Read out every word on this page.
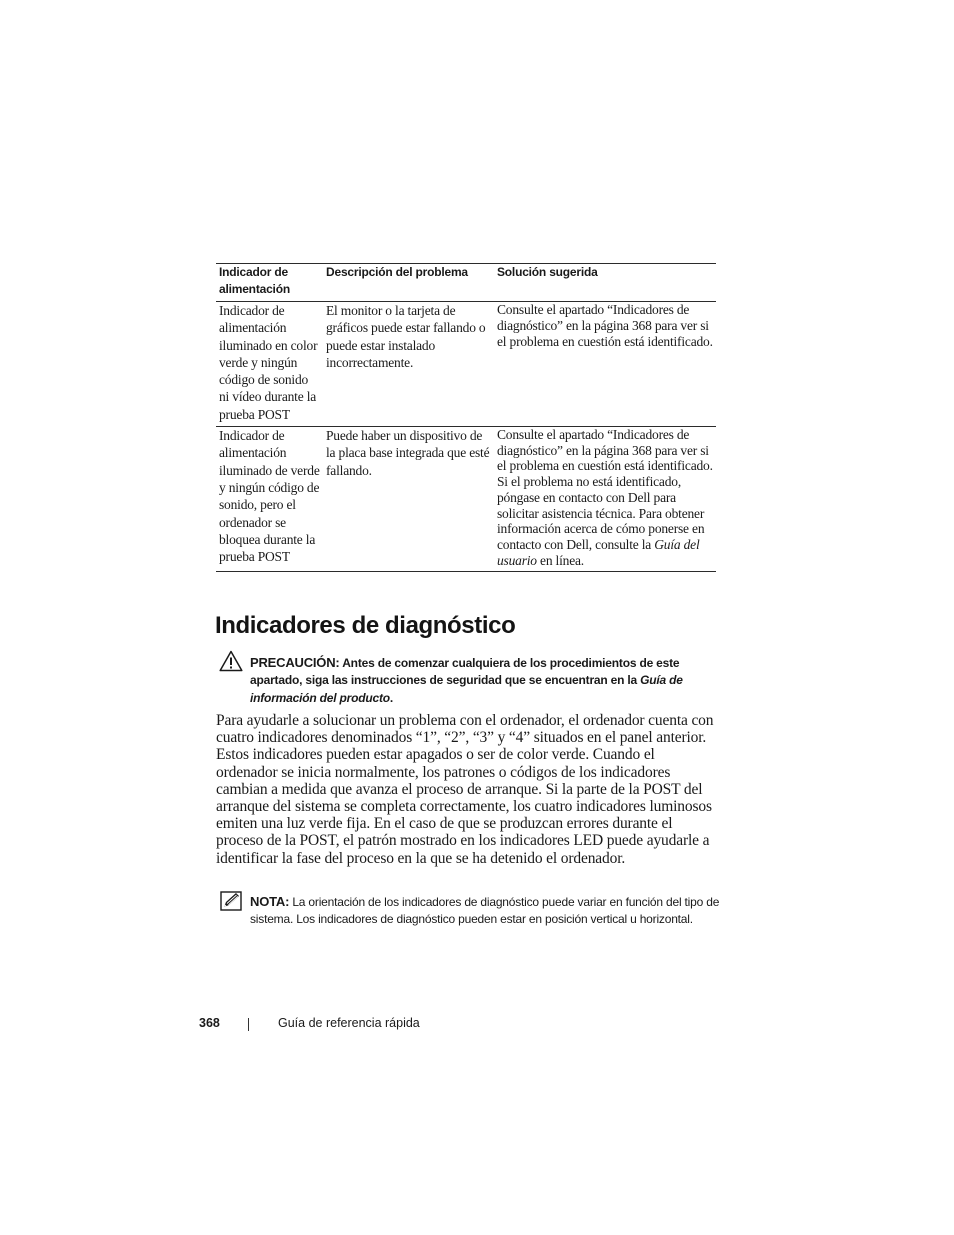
Indicador de alimentación
Descripción del problema	Solución sugerida
Indicador de alimentación iluminado en color verde y ningún código de sonido ni vídeo durante la prueba POST
El monitor o la tarjeta de gráficos puede estar fallando o puede estar instalado incorrectamente.
Consulte el apartado “Indicadores de diagnóstico” en la página 368 para ver si el problema en cuestión está identificado.
Indicador de alimentación iluminado de verde y ningún código de sonido, pero el ordenador se bloquea durante la prueba POST
Puede haber un dispositivo de la placa base integrada que esté fallando.
Consulte el apartado “Indicadores de diagnóstico” en la página 368 para ver si el problema en cuestión está identificado. Si el problema no está identificado, póngase en contacto con Dell para solicitar asistencia técnica. Para obtener información acerca de cómo ponerse en contacto con Dell, consulte la Guía del usuario en línea.
Indicadores de diagnóstico
PRECAUCIÓN: Antes de comenzar cualquiera de los procedimientos de este apartado, siga las instrucciones de seguridad que se encuentran en la Guía de información del producto.

Para ayudarle a solucionar un problema con el ordenador, el ordenador cuenta con cuatro indicadores denominados “1”, “2”, “3” y “4” situados en el panel anterior. Estos indicadores pueden estar apagados o ser de color verde. Cuando el ordenador se inicia normalmente, los patrones o códigos de los indicadores cambian a medida que avanza el proceso de arranque. Si la parte de la POST del arranque del sistema se completa correctamente, los cuatro indicadores luminosos emiten una luz verde fija. En el caso de que se produzcan errores durante el proceso de la POST, el patrón mostrado en los indicadores LED puede ayudarle a identificar la fase del proceso en la que se ha detenido el ordenador.

NOTA: La orientación de los indicadores de diagnóstico puede variar en función del tipo de sistema. Los indicadores de diagnóstico pueden estar en posición vertical u horizontal.
368	Guía de referencia rápida
